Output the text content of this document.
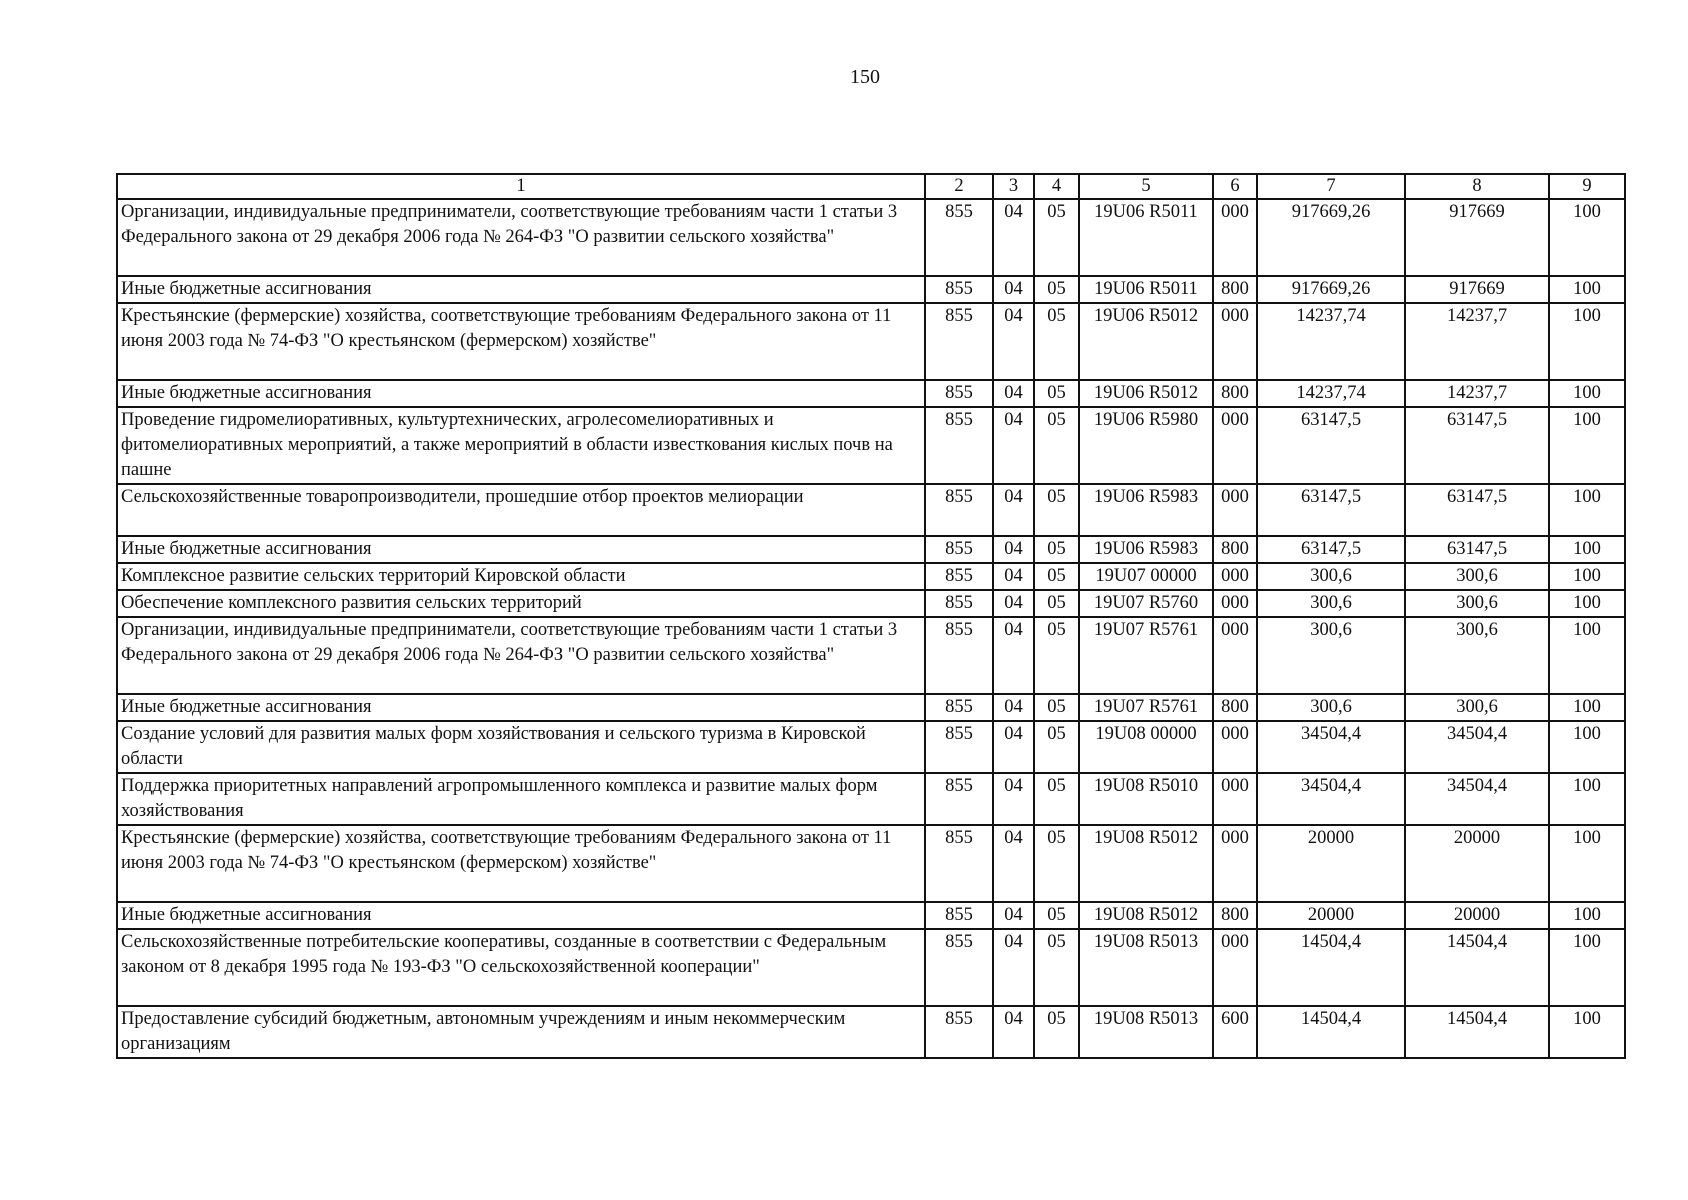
150
1	2	3	4	5	6	7	8	9
Организации, индивидуальные предприниматели, соответствующие требованиям части 1 статьи 3 Федерального закона от 29 декабря 2006 года № 264-ФЗ "О развитии сельского хозяйства"	855	04	05	19U06 R5011	000	917669,26	917669	100
Иные бюджетные ассигнования	855	04	05	19U06 R5011	800	917669,26	917669	100
Крестьянские (фермерские) хозяйства, соответствующие требованиям Федерального закона от 11 июня 2003 года № 74-ФЗ "О крестьянском (фермерском) хозяйстве"	855	04	05	19U06 R5012	000	14237,74	14237,7	100
Иные бюджетные ассигнования	855	04	05	19U06 R5012	800	14237,74	14237,7	100
Проведение гидромелиоративных, культуртехнических, агролесомелиоративных и фитомелиоративных мероприятий, а также мероприятий в области известкования кислых почв на пашне	855	04	05	19U06 R5980	000	63147,5	63147,5	100
Сельскохозяйственные товаропроизводители, прошедшие отбор проектов мелиорации	855	04	05	19U06 R5983	000	63147,5	63147,5	100
Иные бюджетные ассигнования	855	04	05	19U06 R5983	800	63147,5	63147,5	100
Комплексное развитие сельских территорий Кировской области	855	04	05	19U07 00000	000	300,6	300,6	100
Обеспечение комплексного развития сельских территорий	855	04	05	19U07 R5760	000	300,6	300,6	100
Организации, индивидуальные предприниматели, соответствующие требованиям части 1 статьи 3 Федерального закона от 29 декабря 2006 года № 264-ФЗ "О развитии сельского хозяйства"	855	04	05	19U07 R5761	000	300,6	300,6	100
Иные бюджетные ассигнования	855	04	05	19U07 R5761	800	300,6	300,6	100
Создание условий для развития малых форм хозяйствования и сельского туризма в Кировской области	855	04	05	19U08 00000	000	34504,4	34504,4	100
Поддержка приоритетных направлений агропромышленного комплекса и развитие малых форм хозяйствования	855	04	05	19U08 R5010	000	34504,4	34504,4	100
Крестьянские (фермерские) хозяйства, соответствующие требованиям Федерального закона от 11 июня 2003 года № 74-ФЗ "О крестьянском (фермерском) хозяйстве"	855	04	05	19U08 R5012	000	20000	20000	100
Иные бюджетные ассигнования	855	04	05	19U08 R5012	800	20000	20000	100
Сельскохозяйственные потребительские кооперативы, созданные в соответствии с Федеральным законом от 8 декабря 1995 года № 193-ФЗ "О сельскохозяйственной кооперации"	855	04	05	19U08 R5013	000	14504,4	14504,4	100
Предоставление субсидий бюджетным, автономным учреждениям и иным некоммерческим организациям	855	04	05	19U08 R5013	600	14504,4	14504,4	100
